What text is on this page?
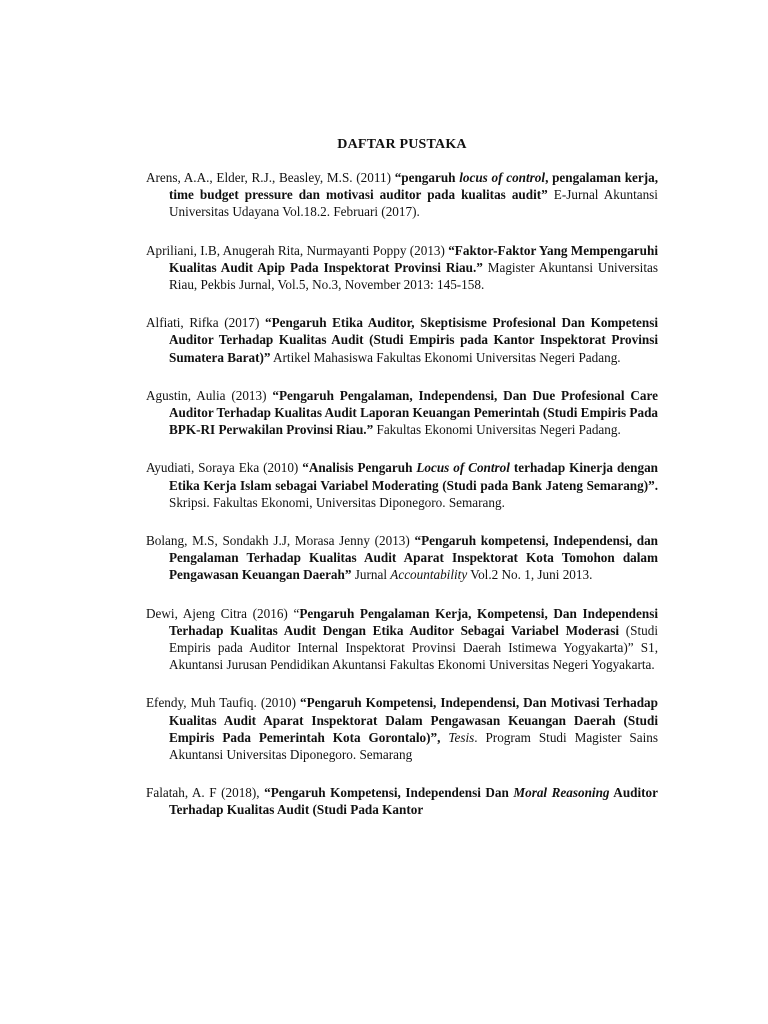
DAFTAR PUSTAKA

Arens, A.A., Elder, R.J., Beasley, M.S. (2011) “pengaruh locus of control, pengalaman kerja, time budget pressure dan motivasi auditor pada kualitas audit” E-Jurnal Akuntansi Universitas Udayana Vol.18.2. Februari (2017).

Apriliani, I.B, Anugerah Rita, Nurmayanti Poppy (2013) “Faktor-Faktor Yang Mempengaruhi Kualitas Audit Apip Pada Inspektorat Provinsi Riau.” Magister Akuntansi Universitas Riau, Pekbis Jurnal, Vol.5, No.3, November 2013: 145-158.

Alfiati, Rifka (2017) “Pengaruh Etika Auditor, Skeptisisme Profesional Dan Kompetensi Auditor Terhadap Kualitas Audit (Studi Empiris pada Kantor Inspektorat Provinsi Sumatera Barat)” Artikel Mahasiswa Fakultas Ekonomi Universitas Negeri Padang.

Agustin, Aulia (2013) “Pengaruh Pengalaman, Independensi, Dan Due Profesional Care Auditor Terhadap Kualitas Audit Laporan Keuangan Pemerintah (Studi Empiris Pada BPK-RI Perwakilan Provinsi Riau.” Fakultas Ekonomi Universitas Negeri Padang.

Ayudiati, Soraya Eka (2010) “Analisis Pengaruh Locus of Control terhadap Kinerja dengan Etika Kerja Islam sebagai Variabel Moderating (Studi pada Bank Jateng Semarang)”. Skripsi. Fakultas Ekonomi, Universitas Diponegoro. Semarang.

Bolang, M.S, Sondakh J.J, Morasa Jenny (2013) “Pengaruh kompetensi, Independensi, dan Pengalaman Terhadap Kualitas Audit Aparat Inspektorat Kota Tomohon dalam Pengawasan Keuangan Daerah” Jurnal Accountability Vol.2 No. 1, Juni 2013.

Dewi, Ajeng Citra (2016) “Pengaruh Pengalaman Kerja, Kompetensi, Dan Independensi Terhadap Kualitas Audit Dengan Etika Auditor Sebagai Variabel Moderasi (Studi Empiris pada Auditor Internal Inspektorat Provinsi Daerah Istimewa Yogyakarta)” S1, Akuntansi Jurusan Pendidikan Akuntansi Fakultas Ekonomi Universitas Negeri Yogyakarta.

Efendy, Muh Taufiq. (2010) “Pengaruh Kompetensi, Independensi, Dan Motivasi Terhadap Kualitas Audit Aparat Inspektorat Dalam Pengawasan Keuangan Daerah (Studi Empiris Pada Pemerintah Kota Gorontalo)”, Tesis. Program Studi Magister Sains Akuntansi Universitas Diponegoro. Semarang

Falatah, A. F (2018), “Pengaruh Kompetensi, Independensi Dan Moral Reasoning Auditor Terhadap Kualitas Audit (Studi Pada Kantor
